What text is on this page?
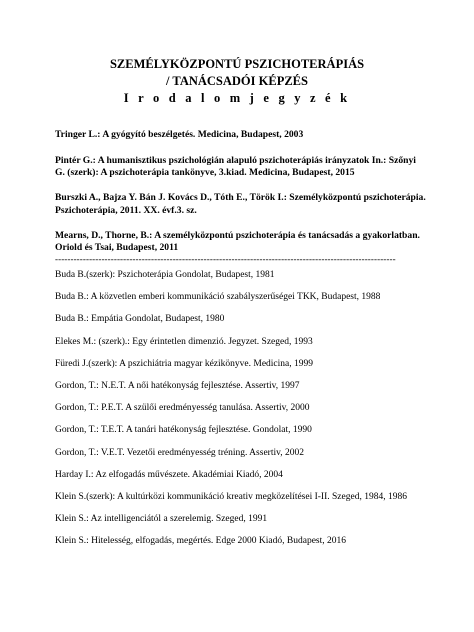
SZEMÉLYKÖZPONTÚ PSZICHOTERÁPIÁS
/ TANÁCSADÓI KÉPZÉS
I r o d a l o m j e g y z é k

Tringer L.: A gyógyító beszélgetés. Medicina, Budapest, 2003

Pintér G.: A humanisztikus pszichológián alapuló pszichoterápiás irányzatok In.: Szőnyi G. (szerk): A pszichoterápia tankönyve, 3.kiad. Medicina, Budapest, 2015

Burszki A., Bajza Y. Bán J. Kovács D., Tóth E., Török I.: Személyközpontú pszichoterápia. Pszichoterápia, 2011. XX. évf.3. sz.

Mearns, D., Thorne, B.: A személyközpontú pszichoterápia és tanácsadás a gyakorlatban. Oriold és Tsai, Budapest, 2011

--------------------------------------------------------------------------------------------------------------
Buda B.(szerk): Pszichoterápia Gondolat, Budapest, 1981
Buda B.: A közvetlen emberi kommunikáció szabályszerűségei TKK, Budapest, 1988
Buda B.: Empátia Gondolat, Budapest, 1980
Elekes M.: (szerk).: Egy érintetlen dimenzió. Jegyzet. Szeged, 1993
Füredi J.(szerk): A pszichiátria magyar kézikönyve. Medicina, 1999
Gordon, T.: N.E.T. A női hatékonyság fejlesztése. Assertiv, 1997
Gordon, T.: P.E.T. A szülői eredményesség tanulása. Assertiv, 2000
Gordon, T.: T.E.T. A tanári hatékonyság fejlesztése. Gondolat, 1990
Gordon, T.: V.E.T. Vezetői eredményesség tréning. Assertiv, 2002
Harday I.: Az elfogadás művészete. Akadémiai Kiadó, 2004
Klein S.(szerk): A kultúrközi kommunikáció kreativ megközelítései I-II. Szeged, 1984, 1986
Klein S.: Az intelligenciától a szerelemig. Szeged, 1991
Klein S.: Hitelesség, elfogadás, megértés. Edge 2000 Kiadó, Budapest, 2016
